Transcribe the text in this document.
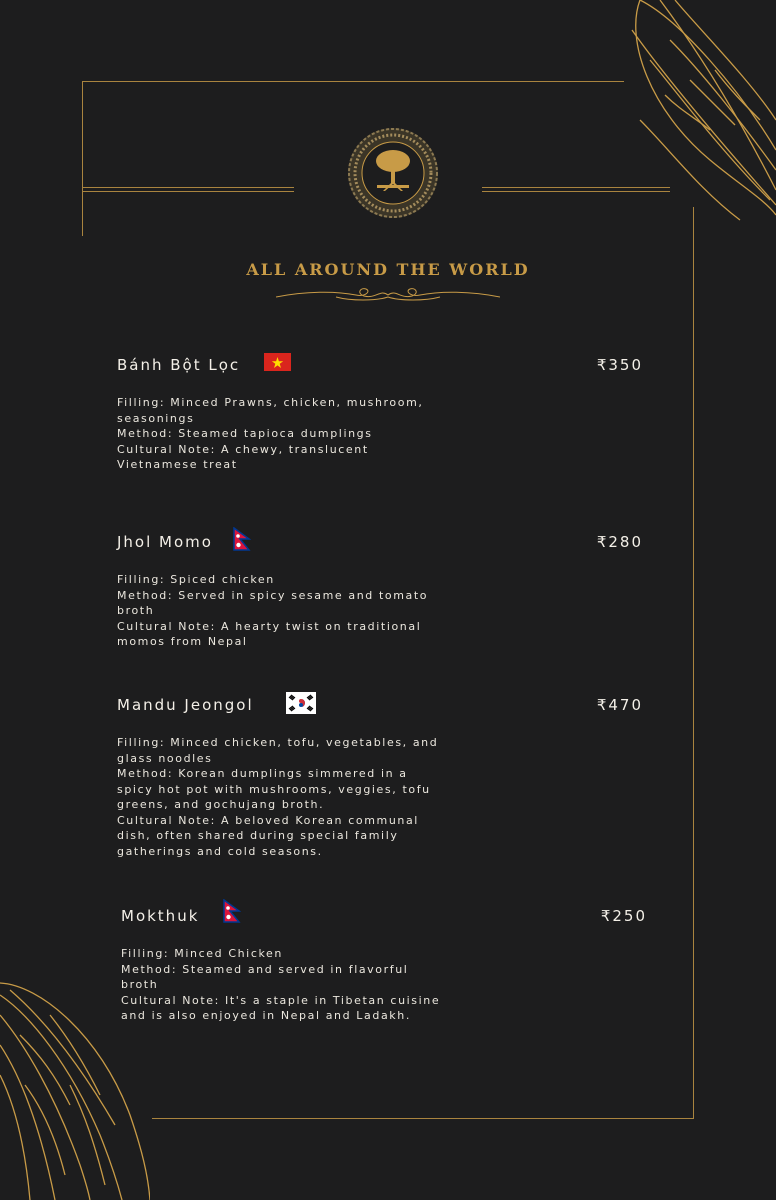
ALL AROUND THE WORLD
Bánh Bột Lọc	₹350
Filling: Minced Prawns, chicken, mushroom,
seasonings
Method: Steamed tapioca dumplings
Cultural Note: A chewy, translucent
Vietnamese treat
Jhol Momo	₹280
Filling: Spiced chicken
Method: Served in spicy sesame and tomato
broth
Cultural Note: A hearty twist on traditional
momos from Nepal
Mandu Jeongol	₹470
Filling: Minced chicken, tofu, vegetables, and
glass noodles
Method: Korean dumplings simmered in a
spicy hot pot with mushrooms, veggies, tofu
greens, and gochujang broth.
Cultural Note: A beloved Korean communal
dish, often shared during special family
gatherings and cold seasons.
Mokthuk	₹250
Filling: Minced Chicken
Method: Steamed and served in flavorful
broth
Cultural Note: It's a staple in Tibetan cuisine
and is also enjoyed in Nepal and Ladakh.
